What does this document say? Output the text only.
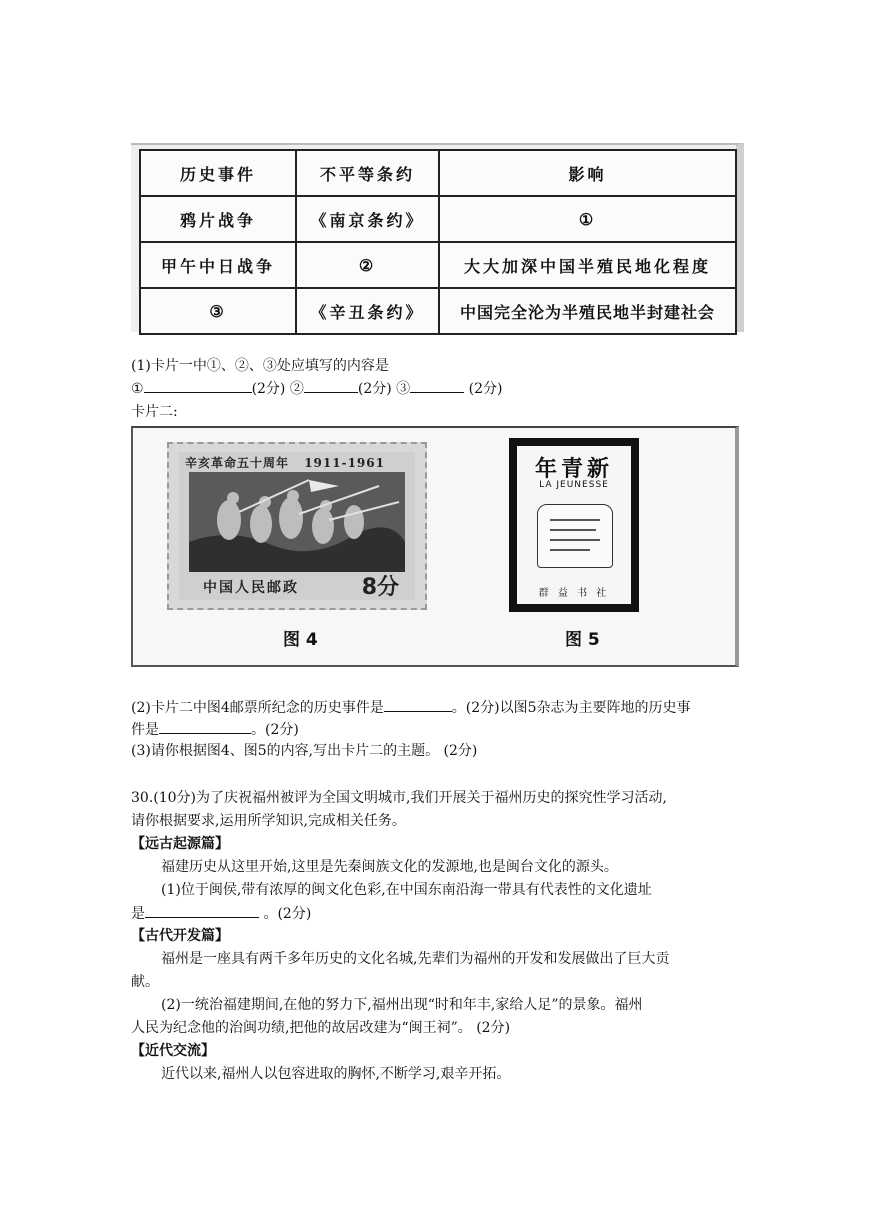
历史事件	不平等条约	影响
鸦片战争	《南京条约》	①
甲午中日战争	②	大大加深中国半殖民地化程度
③	《辛丑条约》	中国完全沦为半殖民地半封建社会
(1)卡片一中①、②、③处应填写的内容是
①	(2分) ②	(2分) ③	(2分)
卡片二:
辛亥革命五十周年 1911-1961
中国人民邮政	8分
图 4
年青新
LA JEUNESSE
群 益 书 社
图 5
(2)卡片二中图4邮票所纪念的历史事件是	。(2分)以图5杂志为主要阵地的历史事
件是	。(2分)
(3)请你根据图4、图5的内容,写出卡片二的主题。 (2分)
30.(10分)为了庆祝福州被评为全国文明城市,我们开展关于福州历史的探究性学习活动,
请你根据要求,运用所学知识,完成相关任务。
【远古起源篇】
福建历史从这里开始,这里是先秦闽族文化的发源地,也是闽台文化的源头。
(1)位于闽侯,带有浓厚的闽文化色彩,在中国东南沿海一带具有代表性的文化遗址
是	。(2分)
【古代开发篇】
福州是一座具有两千多年历史的文化名城,先辈们为福州的开发和发展做出了巨大贡
献。
(2)一统治福建期间,在他的努力下,福州出现“时和年丰,家给人足”的景象。福州
人民为纪念他的治闽功绩,把他的故居改建为“闽王祠”。 (2分)
【近代交流】
近代以来,福州人以包容进取的胸怀,不断学习,艰辛开拓。
